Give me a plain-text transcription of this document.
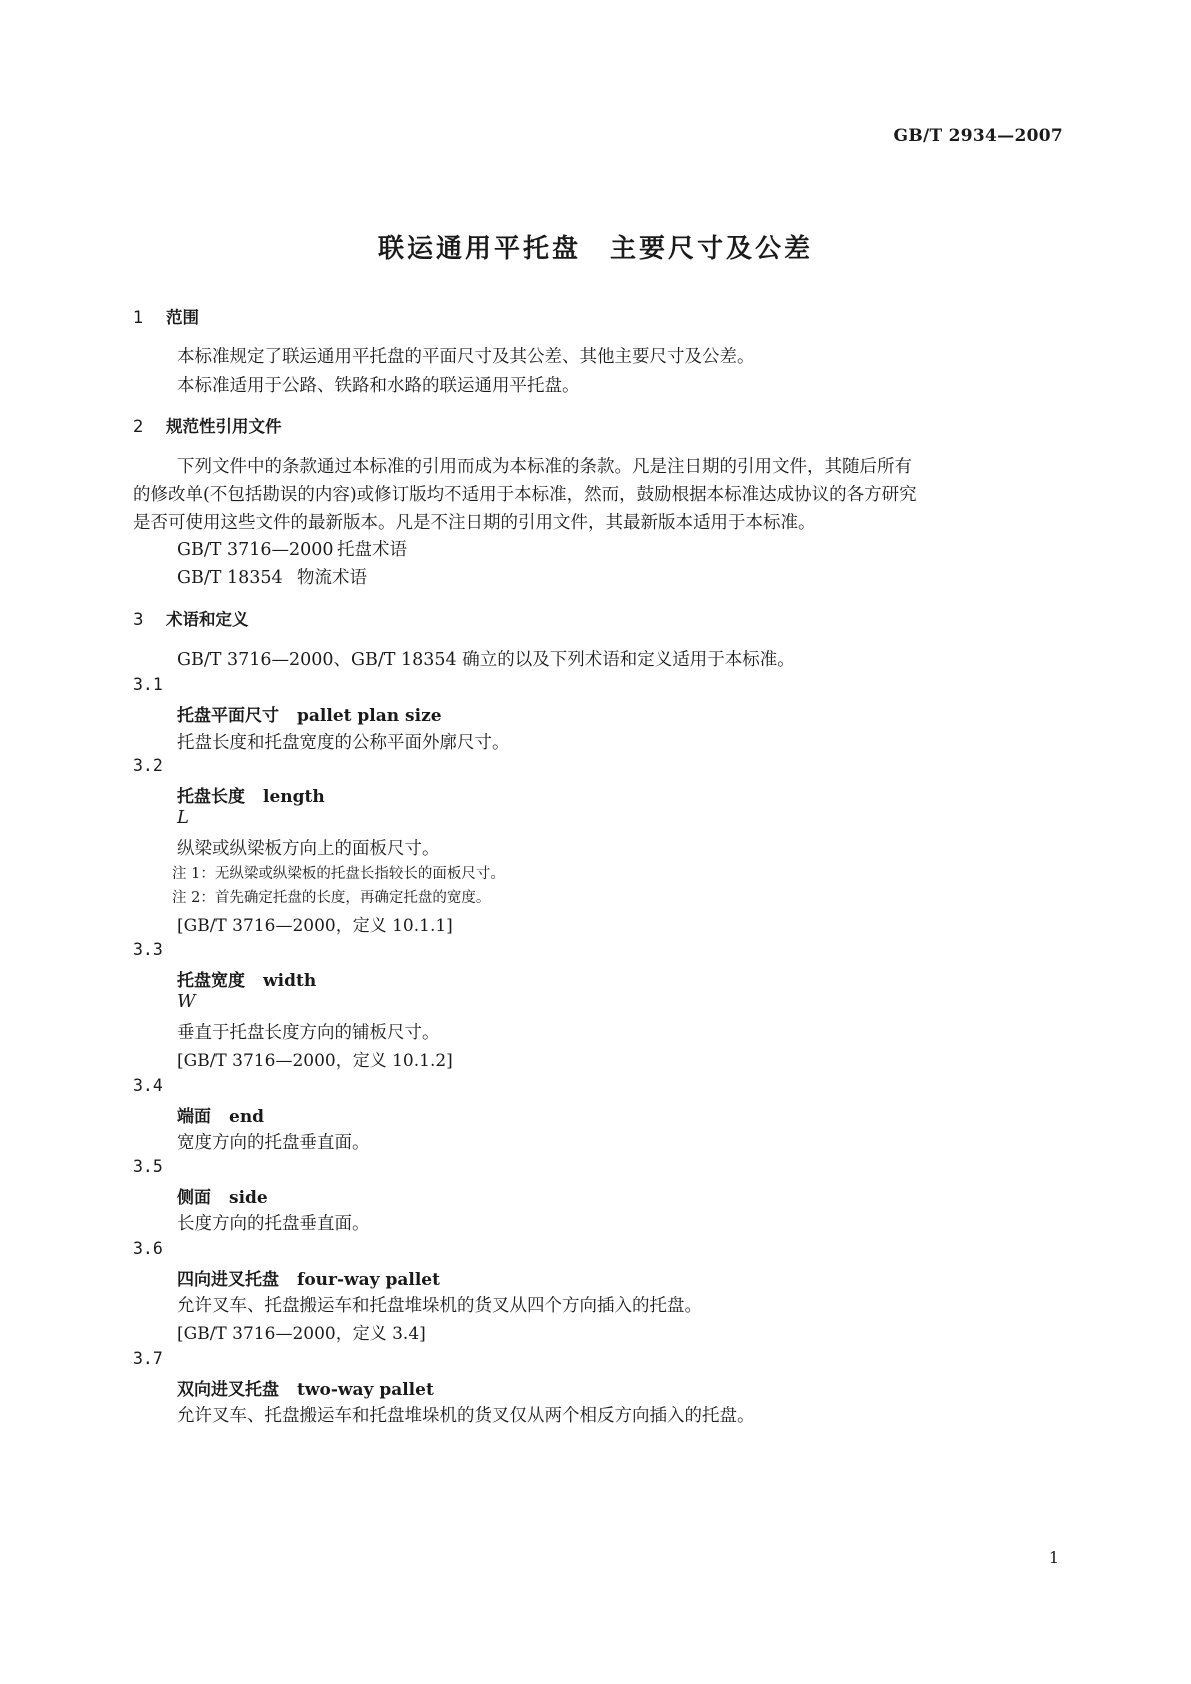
GB/T 2934—2007
联运通用平托盘　主要尺寸及公差
1 范围
本标准规定了联运通用平托盘的平面尺寸及其公差、其他主要尺寸及公差。
本标准适用于公路、铁路和水路的联运通用平托盘。
2 规范性引用文件
下列文件中的条款通过本标准的引用而成为本标准的条款。凡是注日期的引用文件，其随后所有
的修改单(不包括勘误的内容)或修订版均不适用于本标准，然而，鼓励根据本标准达成协议的各方研究
是否可使用这些文件的最新版本。凡是不注日期的引用文件，其最新版本适用于本标准。
GB/T 3716—2000 托盘术语
GB/T 18354 物流术语
3 术语和定义
GB/T 3716—2000、GB/T 18354 确立的以及下列术语和定义适用于本标准。
3.1
托盘平面尺寸 pallet plan size
托盘长度和托盘宽度的公称平面外廓尺寸。
3.2
托盘长度 length
L
纵梁或纵梁板方向上的面板尺寸。
注 1：无纵梁或纵梁板的托盘长指较长的面板尺寸。
注 2：首先确定托盘的长度，再确定托盘的宽度。
[GB/T 3716—2000，定义 10.1.1]
3.3
托盘宽度 width
W
垂直于托盘长度方向的铺板尺寸。
[GB/T 3716—2000，定义 10.1.2]
3.4
端面 end
宽度方向的托盘垂直面。
3.5
侧面 side
长度方向的托盘垂直面。
3.6
四向进叉托盘 four-way pallet
允许叉车、托盘搬运车和托盘堆垛机的货叉从四个方向插入的托盘。
[GB/T 3716—2000，定义 3.4]
3.7
双向进叉托盘 two-way pallet
允许叉车、托盘搬运车和托盘堆垛机的货叉仅从两个相反方向插入的托盘。
1
